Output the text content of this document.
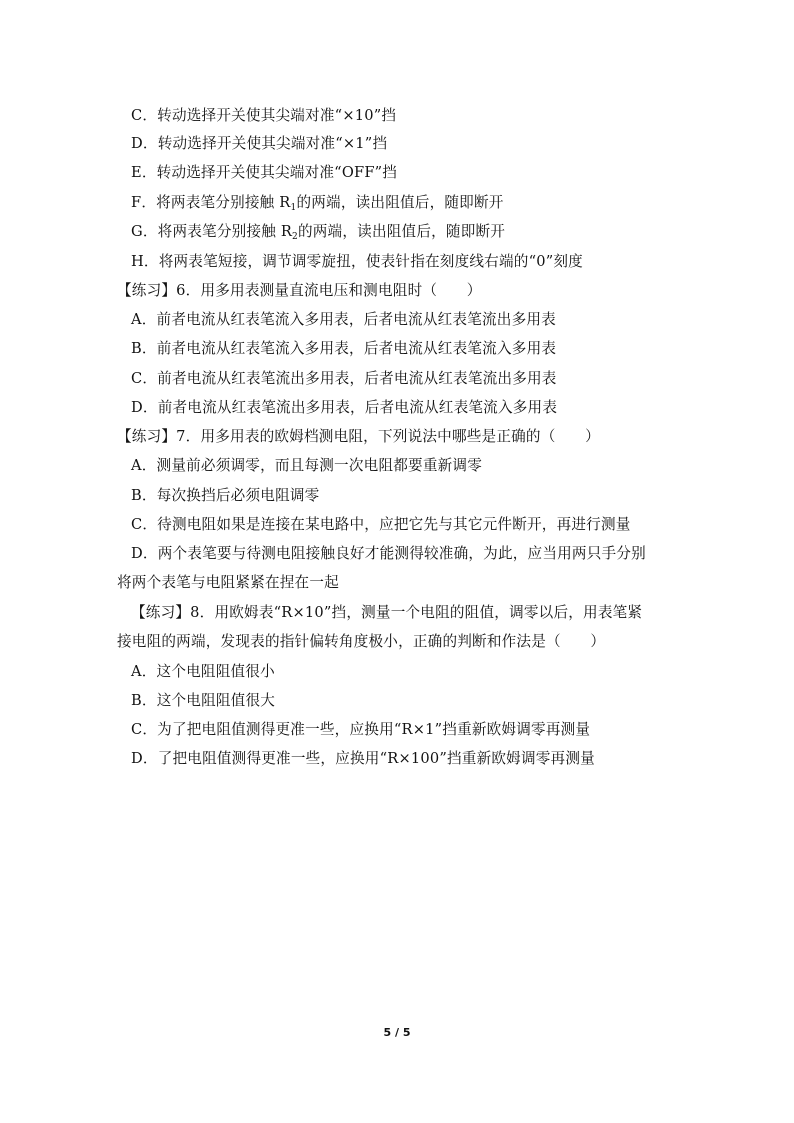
C．转动选择开关使其尖端对准“×10”挡
D．转动选择开关使其尖端对准“×1”挡
E．转动选择开关使其尖端对准“OFF”挡
F．将两表笔分别接触 $R_1$的两端，读出阻值后，随即断开
G．将两表笔分别接触 $R_2$的两端，读出阻值后，随即断开
H．将两表笔短接，调节调零旋扭，使表针指在刻度线右端的“0”刻度
【练习】6．用多用表测量直流电压和测电阻时（　　）
A．前者电流从红表笔流入多用表，后者电流从红表笔流出多用表
B．前者电流从红表笔流入多用表，后者电流从红表笔流入多用表
C．前者电流从红表笔流出多用表，后者电流从红表笔流出多用表
D．前者电流从红表笔流出多用表，后者电流从红表笔流入多用表
【练习】7．用多用表的欧姆档测电阻，下列说法中哪些是正确的（　　）
A．测量前必须调零，而且每测一次电阻都要重新调零
B．每次换挡后必须电阻调零
C．待测电阻如果是连接在某电路中，应把它先与其它元件断开，再进行测量
D．两个表笔要与待测电阻接触良好才能测得较准确，为此，应当用两只手分别
将两个表笔与电阻紧紧在捏在一起
【练习】8．用欧姆表“R×10”挡，测量一个电阻的阻值，调零以后，用表笔紧
接电阻的两端，发现表的指针偏转角度极小，正确的判断和作法是（　　）
A．这个电阻阻值很小
B．这个电阻阻值很大
C．为了把电阻值测得更准一些，应换用“R×1”挡重新欧姆调零再测量
D．了把电阻值测得更准一些，应换用“R×100”挡重新欧姆调零再测量
5 / 5
